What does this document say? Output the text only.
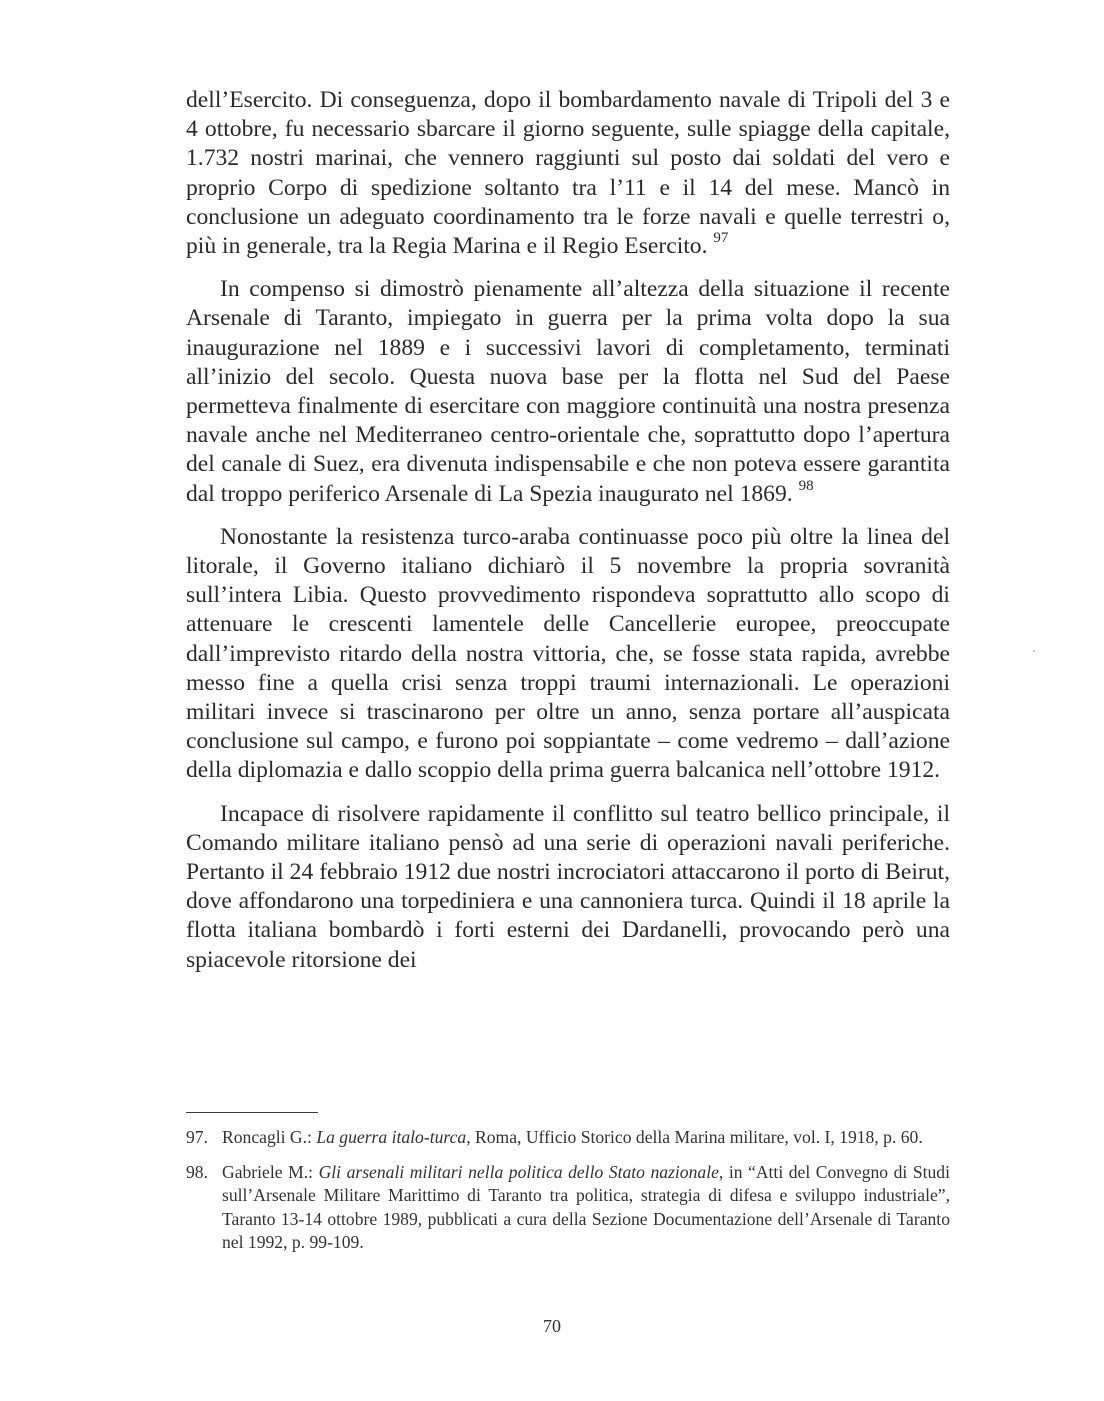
dell’Esercito. Di conseguenza, dopo il bombardamento navale di Tripoli del 3 e 4 ottobre, fu necessario sbarcare il giorno seguente, sulle spiagge della capitale, 1.732 nostri marinai, che vennero raggiunti sul posto dai soldati del vero e proprio Corpo di spedizione soltanto tra l’11 e il 14 del mese. Mancò in conclusione un adeguato coordinamento tra le forze navali e quelle terrestri o, più in generale, tra la Regia Marina e il Regio Esercito. $^{97}$

In compenso si dimostrò pienamente all’altezza della situazione il recente Arsenale di Taranto, impiegato in guerra per la prima volta dopo la sua inaugurazione nel 1889 e i successivi lavori di completamento, terminati all’inizio del secolo. Questa nuova base per la flotta nel Sud del Paese permetteva finalmente di esercitare con maggiore continuità una nostra presenza navale anche nel Mediterraneo centro-orientale che, soprattutto dopo l’apertura del canale di Suez, era divenuta indispensabile e che non poteva essere garantita dal troppo periferico Arsenale di La Spezia inaugurato nel 1869. $^{98}$

Nonostante la resistenza turco-araba continuasse poco più oltre la linea del litorale, il Governo italiano dichiarò il 5 novembre la propria sovranità sull’intera Libia. Questo provvedimento rispondeva soprattutto allo scopo di attenuare le crescenti lamentele delle Cancellerie europee, preoccupate dall’imprevisto ritardo della nostra vittoria, che, se fosse stata rapida, avrebbe messo fine a quella crisi senza troppi traumi internazionali. Le operazioni militari invece si trascinarono per oltre un anno, senza portare all’auspicata conclusione sul campo, e furono poi soppiantate – come vedremo – dall’azione della diplomazia e dallo scoppio della prima guerra balcanica nell’ottobre 1912.

Incapace di risolvere rapidamente il conflitto sul teatro bellico principale, il Comando militare italiano pensò ad una serie di operazioni navali periferiche. Pertanto il 24 febbraio 1912 due nostri incrociatori attaccarono il porto di Beirut, dove affondarono una torpediniera e una cannoniera turca. Quindi il 18 aprile la flotta italiana bombardò i forti esterni dei Dardanelli, provocando però una spiacevole ritorsione dei

97. Roncagli G.: La guerra italo-turca, Roma, Ufficio Storico della Marina militare, vol. I, 1918, p. 60.
98. Gabriele M.: Gli arsenali militari nella politica dello Stato nazionale, in “Atti del Convegno di Studi sull’Arsenale Militare Marittimo di Taranto tra politica, strategia di difesa e sviluppo industriale”, Taranto 13-14 ottobre 1989, pubblicati a cura della Sezione Documentazione dell’Arsenale di Taranto nel 1992, p. 99-109.
70
